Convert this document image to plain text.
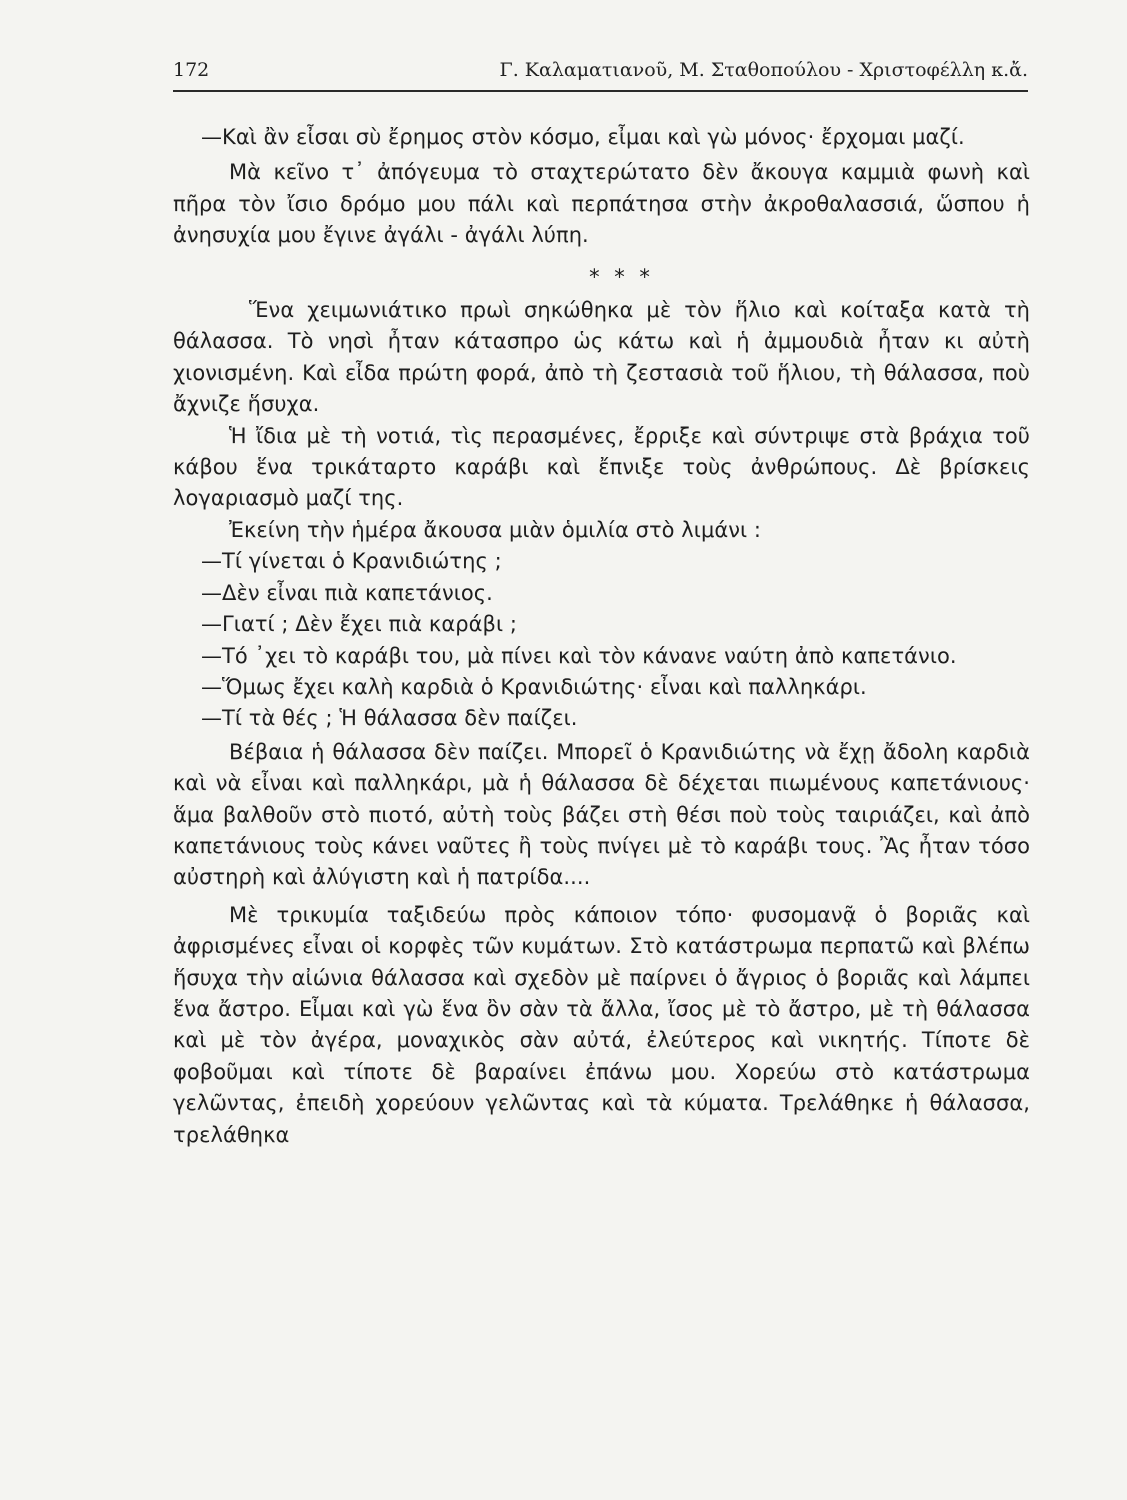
172	Γ. Καλαματιανοῦ, Μ. Σταθοπούλου - Χριστοφέλλη κ.ἄ.

—Καὶ ἂν εἶσαι σὺ ἔρημος στὸν κόσμο, εἶμαι καὶ γὼ μόνος· ἔρχομαι μαζί.

Μὰ κεῖνο τ᾽ ἀπόγευμα τὸ σταχτερώτατο δὲν ἄκουγα καμμιὰ φωνὴ καὶ πῆρα τὸν ἴσιο δρόμο μου πάλι καὶ περπάτησα στὴν ἀκροθαλασσιά, ὥσπου ἡ ἀνησυχία μου ἔγινε ἀγάλι - ἀγάλι λύπη.

* * *

Ἕνα χειμωνιάτικο πρωὶ σηκώθηκα μὲ τὸν ἥλιο καὶ κοίταξα κατὰ τὴ θάλασσα. Τὸ νησὶ ἦταν κάτασπρο ὡς κάτω καὶ ἡ ἀμμουδιὰ ἦταν κι αὐτὴ χιονισμένη. Καὶ εἶδα πρώτη φορά, ἀπὸ τὴ ζεστασιὰ τοῦ ἥλιου, τὴ θάλασσα, ποὺ ἄχνιζε ἥσυχα.

Ἡ ἴδια μὲ τὴ νοτιά, τὶς περασμένες, ἔρριξε καὶ σύντριψε στὰ βράχια τοῦ κάβου ἕνα τρικάταρτο καράβι καὶ ἔπνιξε τοὺς ἀνθρώπους. Δὲ βρίσκεις λογαριασμὸ μαζί της.

Ἐκείνη τὴν ἡμέρα ἄκουσα μιὰν ὁμιλία στὸ λιμάνι :

—Τί γίνεται ὁ Κρανιδιώτης ;

—Δὲν εἶναι πιὰ καπετάνιος.

—Γιατί ; Δὲν ἔχει πιὰ καράβι ;

—Τό ᾿χει τὸ καράβι του, μὰ πίνει καὶ τὸν κάνανε ναύτη ἀπὸ καπετάνιο.

—Ὅμως ἔχει καλὴ καρδιὰ ὁ Κρανιδιώτης· εἶναι καὶ παλληκάρι.

—Τί τὰ θές ; Ἡ θάλασσα δὲν παίζει.

Βέβαια ἡ θάλασσα δὲν παίζει. Μπορεῖ ὁ Κρανιδιώτης νὰ ἔχῃ ἄδολη καρδιὰ καὶ νὰ εἶναι καὶ παλληκάρι, μὰ ἡ θάλασσα δὲ δέχεται πιωμένους καπετάνιους· ἅμα βαλθοῦν στὸ πιοτό, αὐτὴ τοὺς βάζει στὴ θέσι ποὺ τοὺς ταιριάζει, καὶ ἀπὸ καπετάνιους τοὺς κάνει ναῦτες ἢ τοὺς πνίγει μὲ τὸ καράβι τους. Ἂς ἦταν τόσο αὐστηρὴ καὶ ἀλύγιστη καὶ ἡ πατρίδα....

Μὲ τρικυμία ταξιδεύω πρὸς κάποιον τόπο· φυσομανᾷ ὁ βοριᾶς καὶ ἀφρισμένες εἶναι οἱ κορφὲς τῶν κυμάτων. Στὸ κατάστρωμα περπατῶ καὶ βλέπω ἥσυχα τὴν αἰώνια θάλασσα καὶ σχεδὸν μὲ παίρνει ὁ ἄγριος ὁ βοριᾶς καὶ λάμπει ἕνα ἄστρο. Εἶμαι καὶ γὼ ἕνα ὂν σὰν τὰ ἄλλα, ἴσος μὲ τὸ ἄστρο, μὲ τὴ θάλασσα καὶ μὲ τὸν ἀγέρα, μοναχικὸς σὰν αὐτά, ἐλεύτερος καὶ νικητής. Τίποτε δὲ φοβοῦμαι καὶ τίποτε δὲ βαραίνει ἐπάνω μου. Χορεύω στὸ κατάστρωμα γελῶντας, ἐπειδὴ χορεύουν γελῶντας καὶ τὰ κύματα. Τρελάθηκε ἡ θάλασσα, τρελάθηκα
